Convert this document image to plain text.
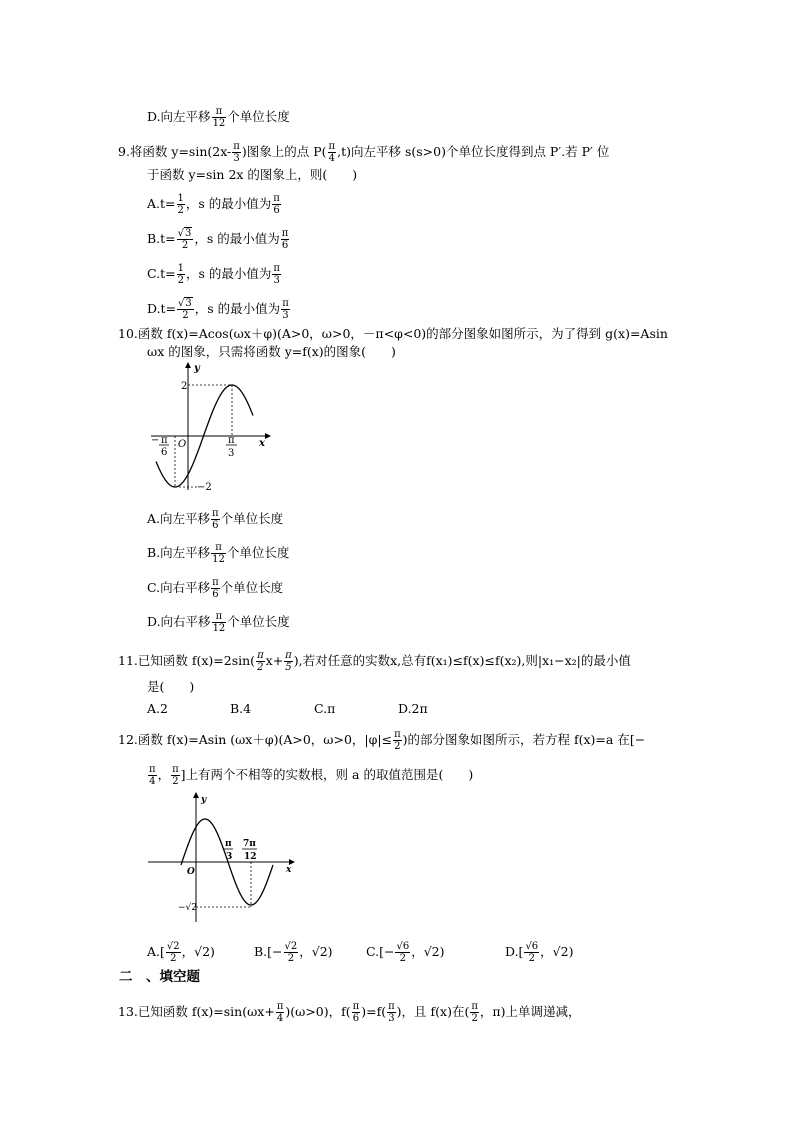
D.向左平移 $\frac{\pi}{12}$ 个单位长度
9.将函数 $y=\sin(2x- \frac{\pi}{3}$ )图象上的点 $P( \frac{\pi}{4} ,t)$向左平移 s(s>0)个单位长度得到点 P′.若 P′ 位
于函数 y=sin 2x 的图象上，则(　　)
$A.t= \frac{1}{2}$ ，s 的最小值为 $\frac{\pi}{6}$
$B.t= \frac{√3}{2}$ ，s 的最小值为 $\frac{\pi}{6}$
$C.t= \frac{1}{2}$ ，s 的最小值为 $\frac{\pi}{3}$
$D.t= \frac{√3}{2}$ ，s 的最小值为 $\frac{\pi}{3}$
10.函数 f(x)=Acos(ωx＋φ)(A>0，ω>0，－π<φ<0)的部分图象如图所示，为了得到 g(x)=Asin
ωx 的图象，只需将函数 y=f(x)的图象(　　)
y
x
O
2
−2
− π
6
π
3
A.向左平移 $\frac{\pi}{6}$ 个单位长度
B.向左平移 $\frac{\pi}{12}$ 个单位长度
C.向右平移 $\frac{\pi}{6}$ 个单位长度
D.向右平移 $\frac{\pi}{12}$ 个单位长度
11.已知函数 $f(x)=2\sin( \frac{\pi}{2} x+ \frac{\pi}{5}$ ),若对任意的实数x,总有f(x₁)≤f(x)≤f(x₂),则|x₁−x₂|的最小值
是(　　)
A.2	B.4	C.π	D.2π
12.函数 f(x)=Asin (ωx＋φ)(A>0，ω>0，$|\varphi|\le \frac{\pi}{2}$ )的部分图象如图所示，若方程 f(x)=a 在[−
$\frac{\pi}{4}$ ， $\frac{\pi}{2}$ ]上有两个不相等的实数根，则 a 的取值范围是(　　)
y
x
O
−√2
π
3
7π
12
$A.[ \frac{√2}{2}$ ，√2)	$B.[- \frac{√2}{2}$ ，√2)	$C.[- \frac{√6}{2}$ ，√2)	$D.[ \frac{√6}{2}$ ，√2)
二　、填空题
13.已知函数 $f(x)=\sin(\omega x+ \frac{\pi}{4} )(\omega>0)$，$f( \frac{\pi}{6} )=f( \frac{\pi}{3}$ )，且 f(x)在( $\frac{\pi}{2}$ ，π)上单调递减，
